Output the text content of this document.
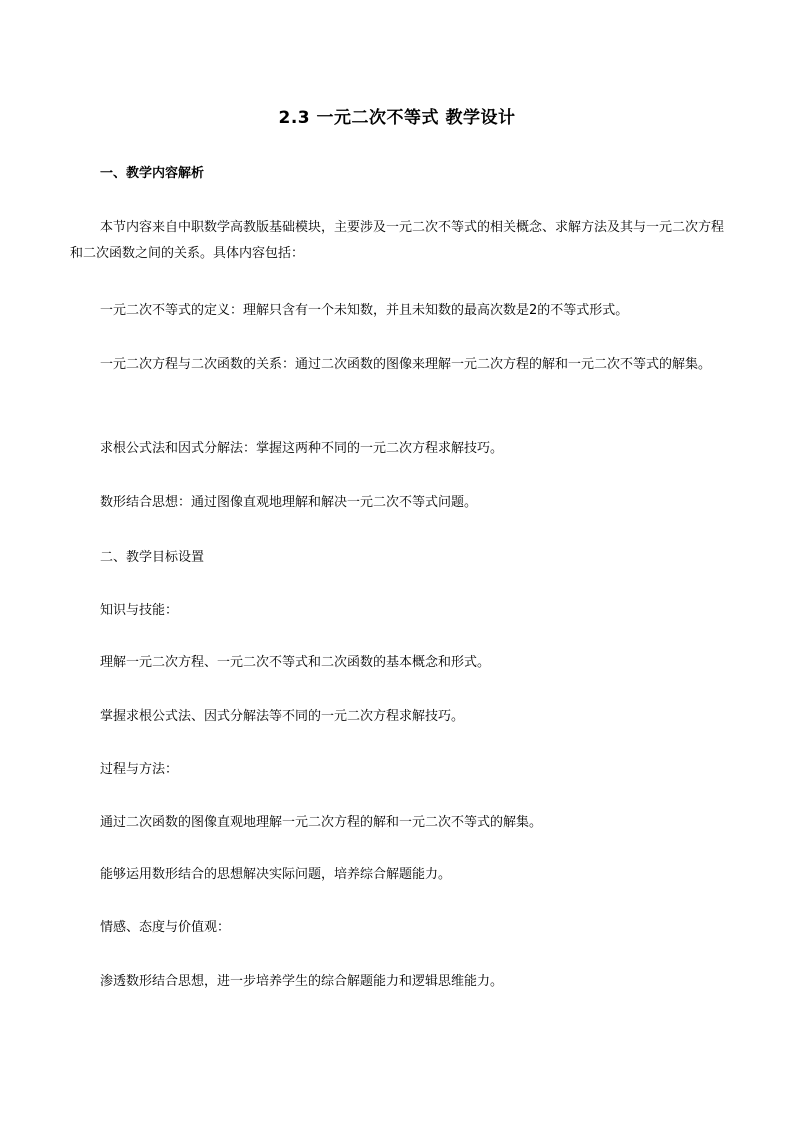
2.3 一元二次不等式 教学设计
一、教学内容解析
本节内容来自中职数学高教版基础模块，主要涉及一元二次不等式的相关概念、求解方法及其与一元二次方程和二次函数之间的关系。具体内容包括：
一元二次不等式的定义：理解只含有一个未知数，并且未知数的最高次数是2的不等式形式。
一元二次方程与二次函数的关系：通过二次函数的图像来理解一元二次方程的解和一元二次不等式的解集。
求根公式法和因式分解法：掌握这两种不同的一元二次方程求解技巧。
数形结合思想：通过图像直观地理解和解决一元二次不等式问题。
二、教学目标设置
知识与技能：
理解一元二次方程、一元二次不等式和二次函数的基本概念和形式。
掌握求根公式法、因式分解法等不同的一元二次方程求解技巧。
过程与方法：
通过二次函数的图像直观地理解一元二次方程的解和一元二次不等式的解集。
能够运用数形结合的思想解决实际问题，培养综合解题能力。
情感、态度与价值观：
渗透数形结合思想，进一步培养学生的综合解题能力和逻辑思维能力。
